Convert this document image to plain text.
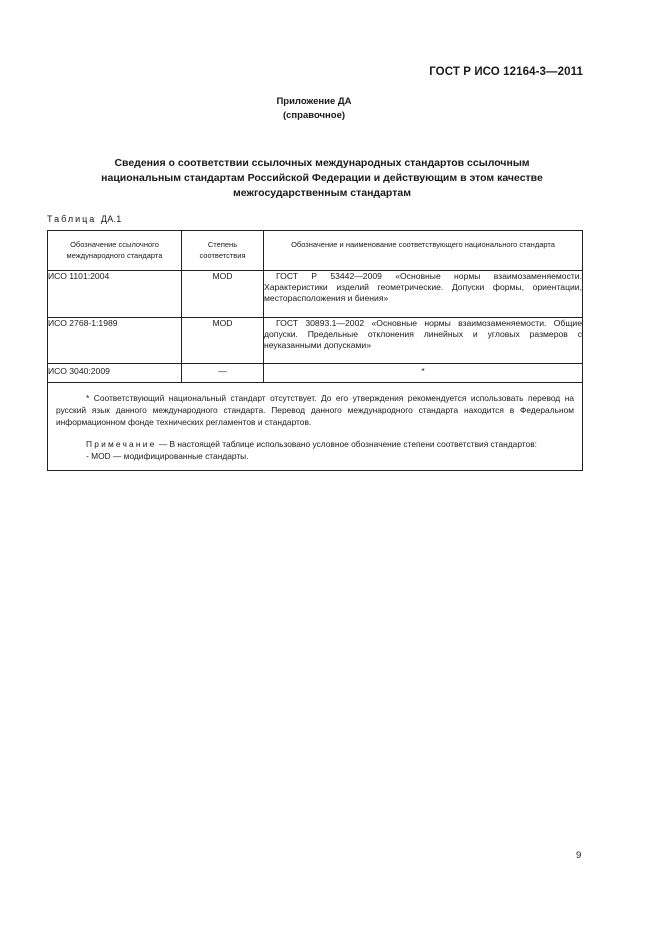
ГОСТ Р ИСО 12164-3—2011
Приложение ДА
(справочное)
Сведения о соответствии ссылочных международных стандартов ссылочным
национальным стандартам Российской Федерации и действующим в этом качестве
межгосударственным стандартам
Таблица ДА.1
Обозначение ссылочного международного стандарта	Степень соответствия	Обозначение и наименование соответствующего национального стандарта

ИСО 1101:2004	MOD	ГОСТ Р 53442—2009 «Основные нормы взаимозаменяемости. Характеристики изделий геометрические. Допуски формы, ориентации, месторасположения и биения»
ИСО 2768-1:1989	MOD	ГОСТ 30893.1—2002 «Основные нормы взаимозаменяемости. Общие допуски. Предельные отклонения линейных и угловых размеров с неуказанными допусками»
ИСО 3040:2009	—	*

* Соответствующий национальный стандарт отсутствует. До его утверждения рекомендуется использовать перевод на русский язык данного международного стандарта. Перевод данного международного стандарта находится в Федеральном информационном фонде технических регламентов и стандартов.

Примечание — В настоящей таблице использовано условное обозначение степени соответствия стандартов:

- MOD — модифицированные стандарты.		

9
